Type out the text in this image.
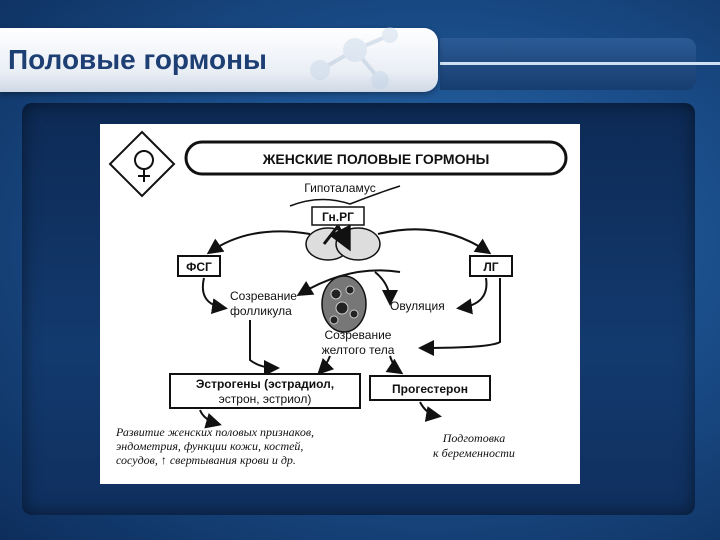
Половые гормоны
ЖЕНСКИЕ ПОЛОВЫЕ ГОРМОНЫ
Гипоталамус
Гн.РГ
ФСГ	ЛГ
Созревание
фолликула	Овуляция
Созревание
желтого тела
Эстрогены (эстрадиол,
эстрон, эстриол)
Прогестерон
Развитие женских половых признаков,
эндометрия, функции кожи, костей,
сосудов, ↑ свертывания крови и др.
Подготовка
к беременности
